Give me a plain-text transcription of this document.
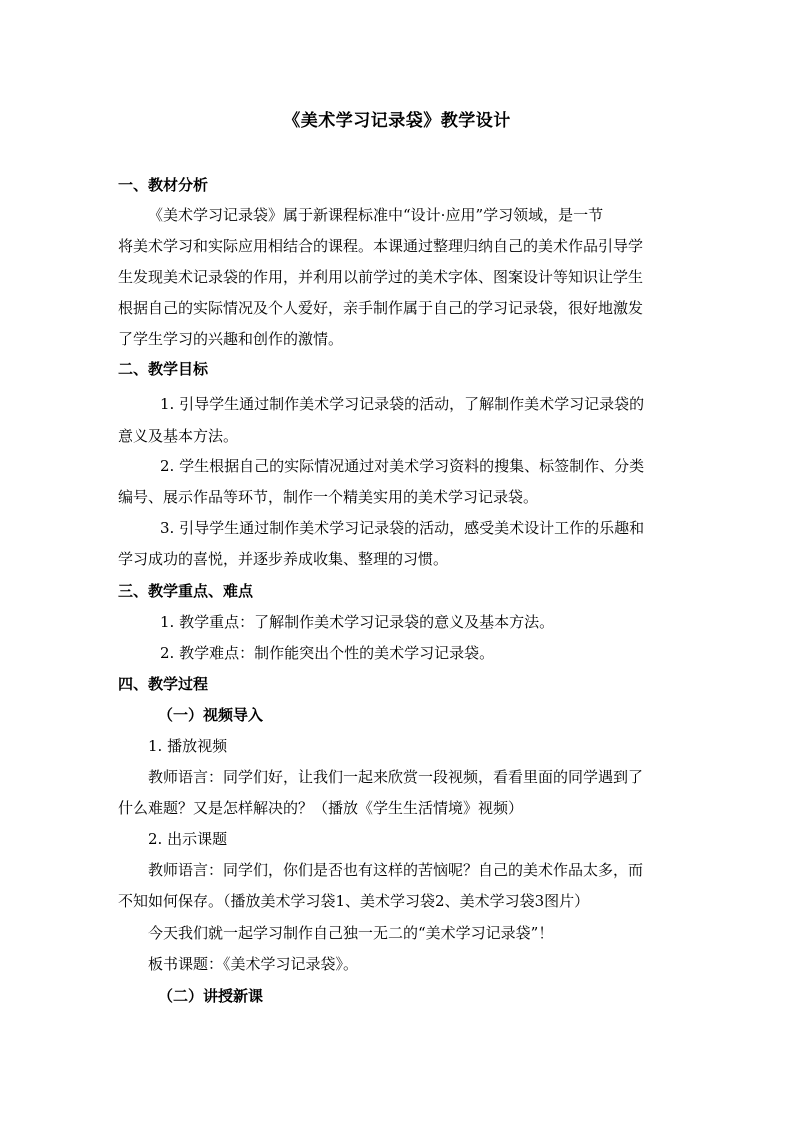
《美术学习记录袋》教学设计
一、教材分析
《美术学习记录袋》属于新课程标准中“设计·应用”学习领域，是一节
将美术学习和实际应用相结合的课程。本课通过整理归纳自己的美术作品引导学
生发现美术记录袋的作用，并利用以前学过的美术字体、图案设计等知识让学生
根据自己的实际情况及个人爱好，亲手制作属于自己的学习记录袋，很好地激发
了学生学习的兴趣和创作的激情。
二、教学目标
1. 引导学生通过制作美术学习记录袋的活动，了解制作美术学习记录袋的
意义及基本方法。
2. 学生根据自己的实际情况通过对美术学习资料的搜集、标签制作、分类
编号、展示作品等环节，制作一个精美实用的美术学习记录袋。
3. 引导学生通过制作美术学习记录袋的活动，感受美术设计工作的乐趣和
学习成功的喜悦，并逐步养成收集、整理的习惯。
三、教学重点、难点
1. 教学重点：了解制作美术学习记录袋的意义及基本方法。
2. 教学难点：制作能突出个性的美术学习记录袋。
四、教学过程
（一）视频导入
1. 播放视频
教师语言：同学们好，让我们一起来欣赏一段视频，看看里面的同学遇到了
什么难题？又是怎样解决的？（播放《学生生活情境》视频）
2. 出示课题
教师语言：同学们，你们是否也有这样的苦恼呢？自己的美术作品太多，而
不知如何保存。（播放美术学习袋1、美术学习袋2、美术学习袋3图片）
今天我们就一起学习制作自己独一无二的“美术学习记录袋”！
板书课题：《美术学习记录袋》。
（二）讲授新课
